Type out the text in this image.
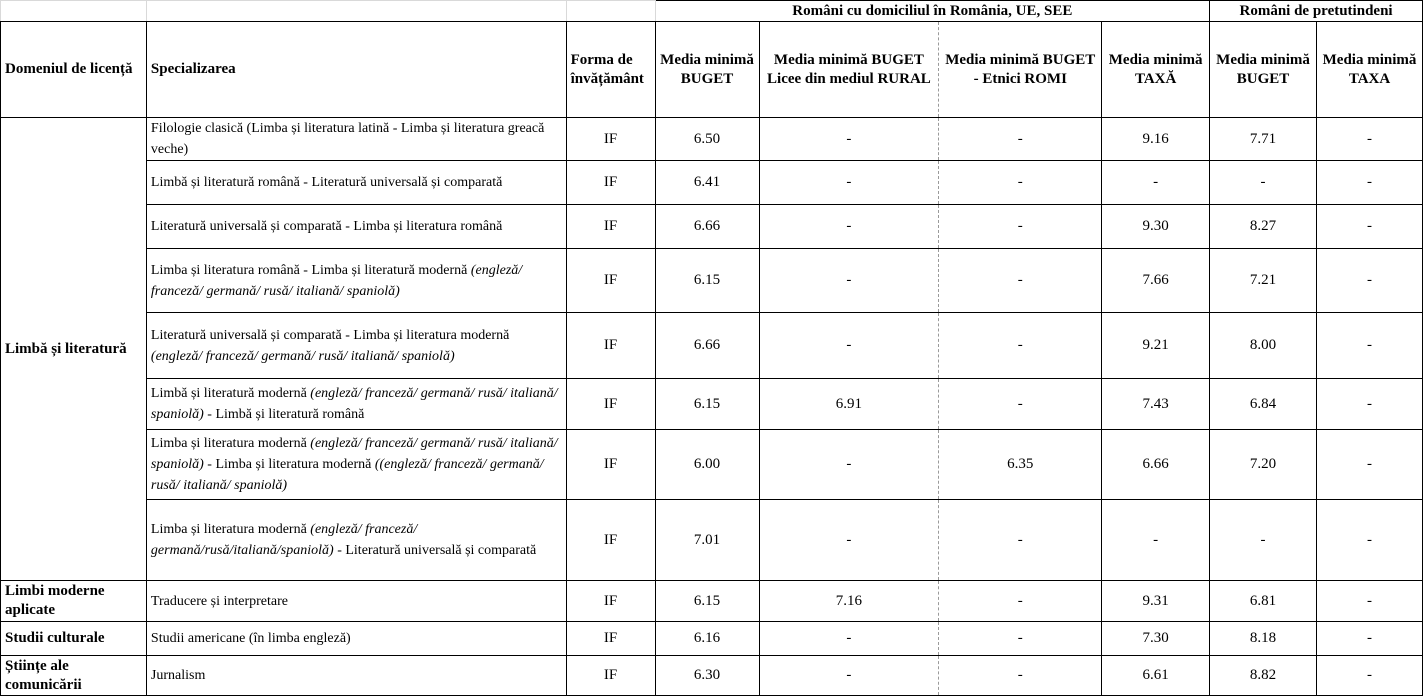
			Români cu domiciliul în România, UE, SEE				Români de pretutindeni	
Domeniul de licență	Specializarea	Forma de învățământ	Media minimă BUGET	Media minimă BUGET Licee din mediul RURAL	Media minimă BUGET - Etnici ROMI	Media minimă TAXĂ	Media minimă BUGET	Media minimă TAXA
Limbă și literatură	Filologie clasică (Limba și literatura latină - Limba și literatura greacă veche)	IF	6.50	-	-	9.16	7.71	-
	Limbă și literatură română - Literatură universală și comparată	IF	6.41	-	-	-	-	-
	Literatură universală și comparată - Limba și literatura română	IF	6.66	-	-	9.30	8.27	-
	Limba și literatura română - Limba și literatură modernă (engleză/ franceză/ germană/ rusă/ italiană/ spaniolă)	IF	6.15	-	-	7.66	7.21	-
	Literatură universală și comparată - Limba și literatura modernă (engleză/ franceză/ germană/ rusă/ italiană/ spaniolă)	IF	6.66	-	-	9.21	8.00	-
	Limbă și literatură modernă (engleză/ franceză/ germană/ rusă/ italiană/ spaniolă) - Limbă și literatură română	IF	6.15	6.91	-	7.43	6.84	-
	Limba și literatura modernă (engleză/ franceză/ germană/ rusă/ italiană/ spaniolă) - Limba și literatura modernă ((engleză/ franceză/ germană/ rusă/ italiană/ spaniolă)	IF	6.00	-	6.35	6.66	7.20	-
	Limba și literatura modernă (engleză/ franceză/ germană/rusă/italiană/spaniolă) - Literatură universală și comparată	IF	7.01	-	-	-	-	-
Limbi moderne aplicate	Traducere și interpretare	IF	6.15	7.16	-	9.31	6.81	-
Studii culturale	Studii americane (în limba engleză)	IF	6.16	-	-	7.30	8.18	-
Științe ale comunicării	Jurnalism	IF	6.30	-	-	6.61	8.82	-
